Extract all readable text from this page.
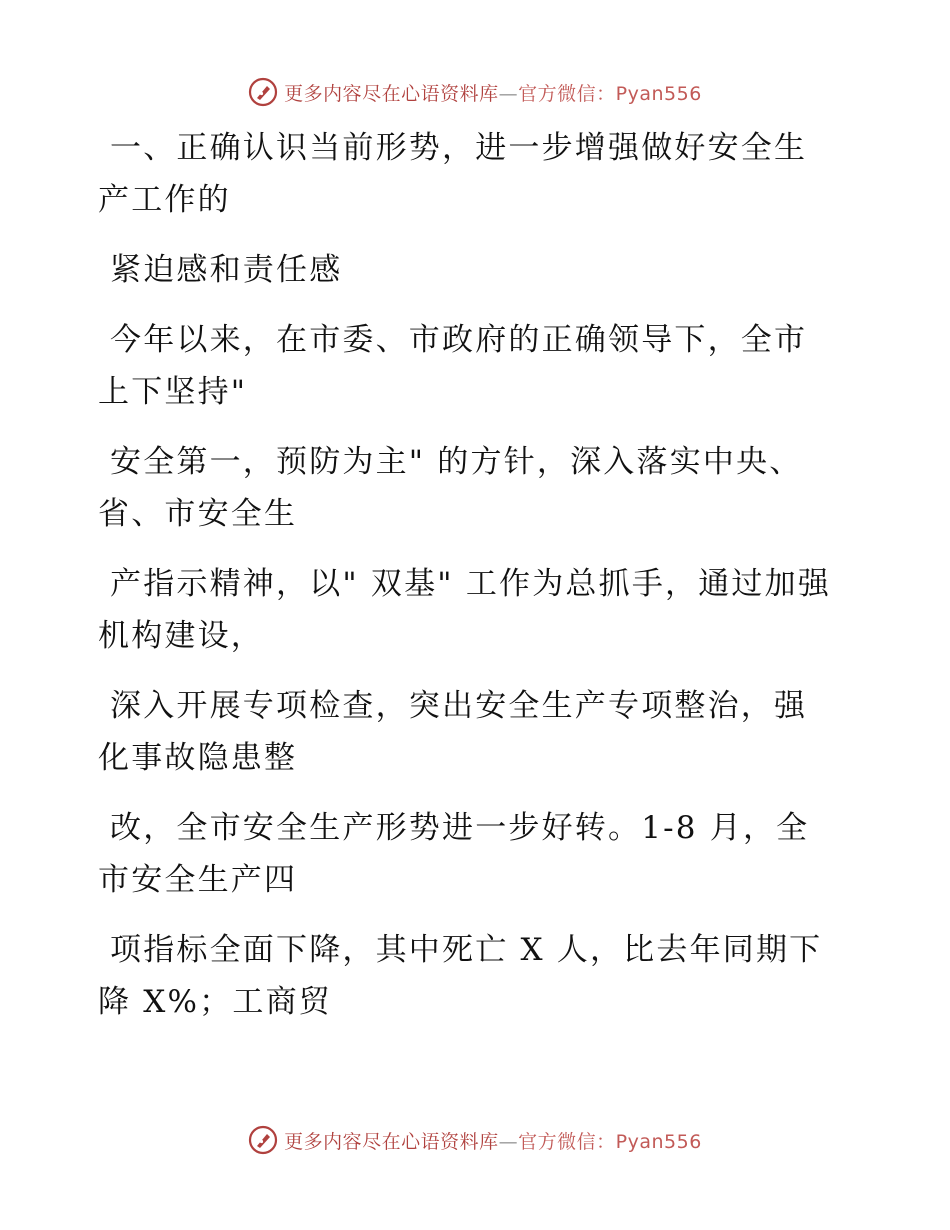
更多内容尽在心语资料库—官方微信：Pyan556

一、正确认识当前形势，进一步增强做好安全生产工作的

紧迫感和责任感

今年以来，在市委、市政府的正确领导下，全市上下坚持"

安全第一，预防为主" 的方针，深入落实中央、省、市安全生

产指示精神，以" 双基" 工作为总抓手，通过加强机构建设，

深入开展专项检查，突出安全生产专项整治，强化事故隐患整

改，全市安全生产形势进一步好转。1-8 月，全市安全生产四

项指标全面下降，其中死亡 X 人，比去年同期下降 X%；工商贸

更多内容尽在心语资料库—官方微信：Pyan556
